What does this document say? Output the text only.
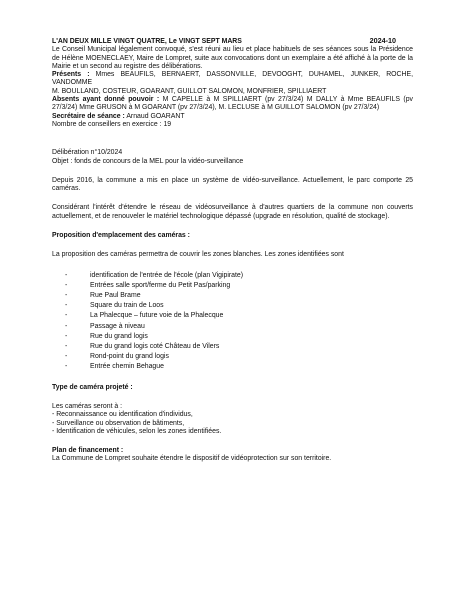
2024-10

L'AN DEUX MILLE VINGT QUATRE, Le VINGT SEPT MARS

Le Conseil Municipal légalement convoqué, s'est réuni au lieu et place habituels de ses séances sous la Présidence de Hélène MOENECLAEY, Maire de Lompret, suite aux convocations dont un exemplaire a été affiché à la porte de la Mairie et un second au registre des délibérations.

Présents : Mmes BEAUFILS, BERNAERT, DASSONVILLE, DEVOOGHT, DUHAMEL, JUNKER, ROCHE, VANDOMME

M. BOULLAND, COSTEUR, GOARANT, GUILLOT SALOMON, MONFRIER, SPILLIAERT

Absents ayant donné pouvoir : M CAPELLE à M SPILLIAERT (pv 27/3/24) M DALLY à Mme BEAUFILS (pv 27/3/24) Mme GRUSON à M GOARANT (pv 27/3/24), M. LECLUSE à M GUILLOT SALOMON (pv 27/3/24)

Secrétaire de séance : Arnaud GOARANT

Nombre de conseillers en exercice : 19

Délibération n°10/2024

Objet : fonds de concours de la MEL pour la vidéo-surveillance

Depuis 2016, la commune a mis en place un système de vidéo-surveillance. Actuellement, le parc comporte 25 caméras.

Considérant l'intérêt d'étendre le réseau de vidéosurveillance à d'autres quartiers de la commune non couverts actuellement, et de renouveler le matériel technologique dépassé (upgrade en résolution, qualité de stockage).

Proposition d'emplacement des caméras :

La proposition des caméras permettra de couvrir les zones blanches. Les zones identifiées sont

- identification de l'entrée de l'école (plan Vigipirate)
- Entrées salle sport/ferme du Petit Pas/parking
- Rue Paul Brame
- Square du train de Loos
- La Phalecque – future voie de la Phalecque
- Passage à niveau
- Rue du grand logis
- Rue du grand logis coté Château de Vilers
- Rond-point du grand logis
- Entrée chemin Behague

Type de caméra projeté :

Les caméras seront à :

- Reconnaissance ou identification d'individus,

- Surveillance ou observation de bâtiments,

- Identification de véhicules, selon les zones identifiées.

Plan de financement :

La Commune de Lompret souhaite étendre le dispositif de vidéoprotection sur son territoire.
